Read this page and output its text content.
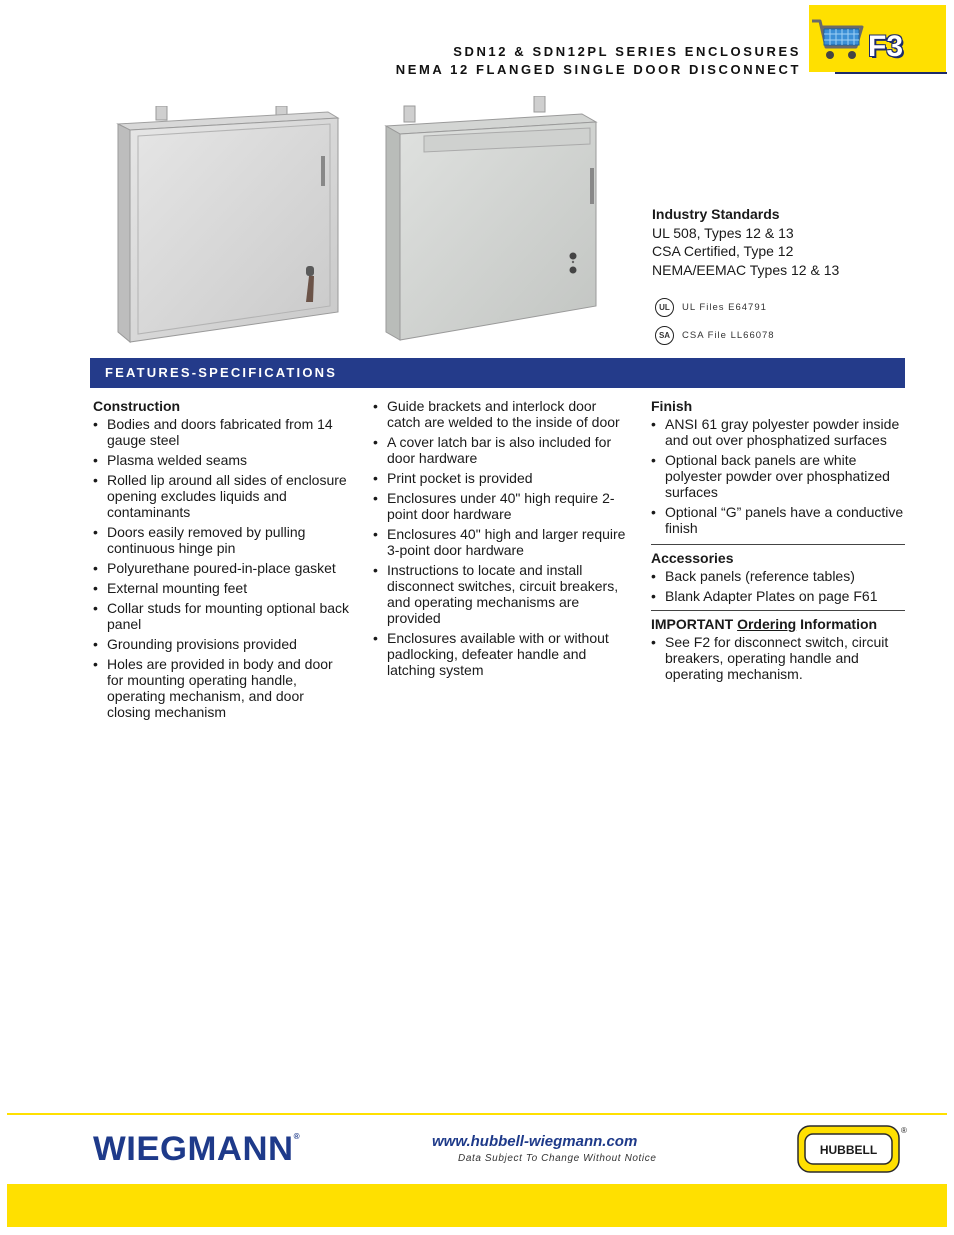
SDN12 & SDN12PL SERIES ENCLOSURES
NEMA 12 FLANGED SINGLE DOOR DISCONNECT
F3
Industry Standards
UL 508, Types 12 & 13
CSA Certified, Type 12
NEMA/EEMAC Types 12 & 13
UL UL Files E64791
SA CSA File LL66078
FEATURES-SPECIFICATIONS
Construction
• Bodies and doors fabricated from 14 gauge steel
• Plasma welded seams
• Rolled lip around all sides of enclosure opening excludes liquids and contaminants
• Doors easily removed by pulling continuous hinge pin
• Polyurethane poured-in-place gasket
• External mounting feet
• Collar studs for mounting optional back panel
• Grounding provisions provided
• Holes are provided in body and door for mounting operating handle, operating mechanism, and door closing mechanism
• Guide brackets and interlock door catch are welded to the inside of door
• A cover latch bar is also included for door hardware
• Print pocket is provided
• Enclosures under 40" high require 2-point door hardware
• Enclosures 40" high and larger require 3-point door hardware
• Instructions to locate and install disconnect switches, circuit breakers, and operating mechanisms are provided
• Enclosures available with or without padlocking, defeater handle and latching system
Finish
• ANSI 61 gray polyester powder inside and out over phosphatized surfaces
• Optional back panels are white polyester powder over phosphatized surfaces
• Optional “G” panels have a conductive finish
Accessories
• Back panels (reference tables)
• Blank Adapter Plates on page F61
IMPORTANT Ordering Information
• See F2 for disconnect switch, circuit breakers, operating handle and operating mechanism.
WIEGMANN®	www.hubbell-wiegmann.com
Data Subject To Change Without Notice
HUBBELL
®
